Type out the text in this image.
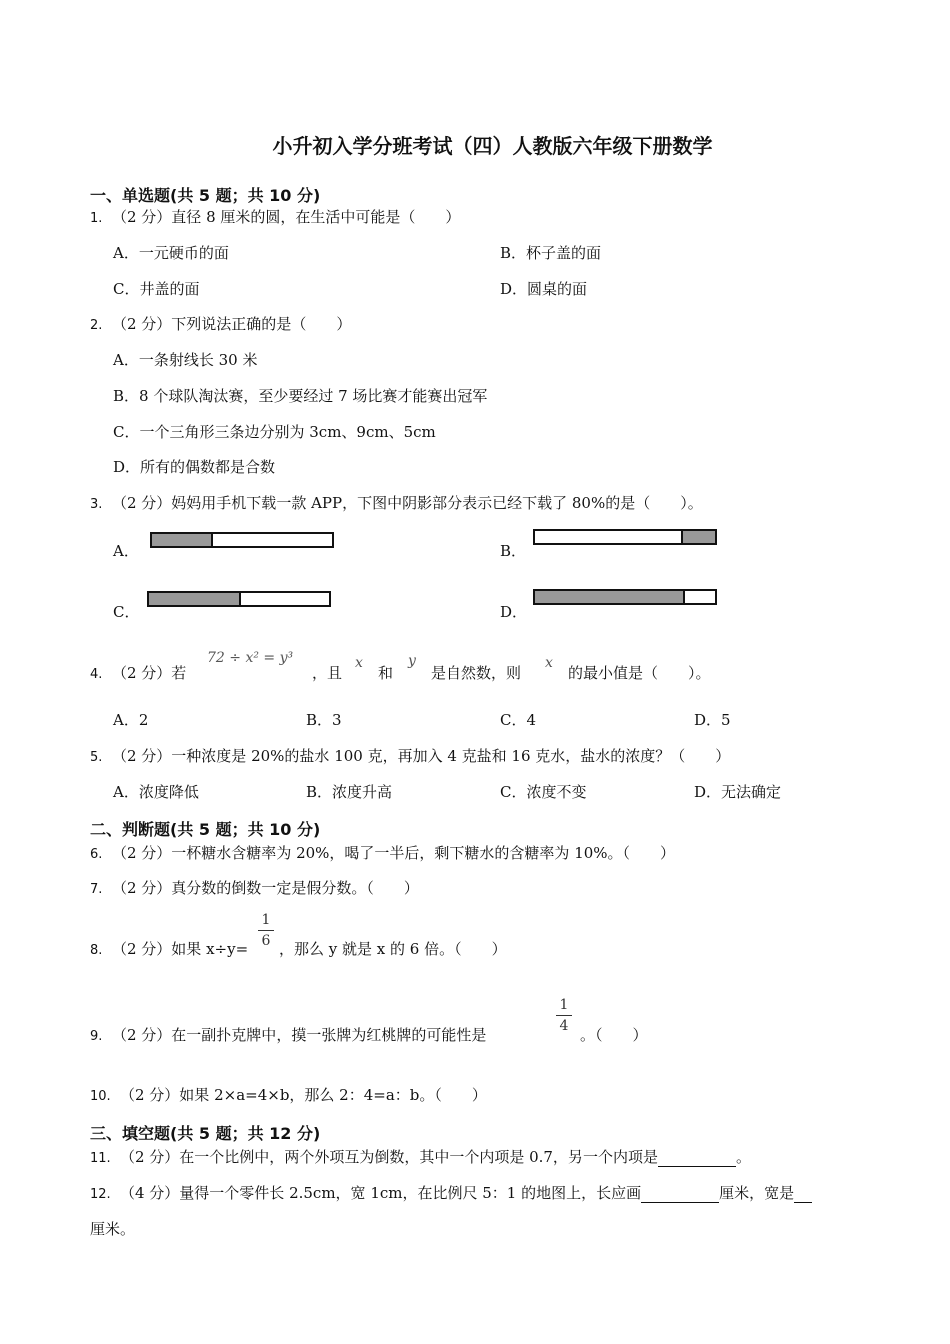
小升初入学分班考试（四）人教版六年级下册数学
一、单选题(共 5 题；共 10 分)
1. （2 分）直径 8 厘米的圆，在生活中可能是（　　）
A．一元硬币的面	B．杯子盖的面
C．井盖的面	D．圆桌的面
2. （2 分）下列说法正确的是（　　）
A．一条射线长 30 米
B．8 个球队淘汰赛，至少要经过 7 场比赛才能赛出冠军
C．一个三角形三条边分别为 3cm、9cm、5cm
D．所有的偶数都是合数
3. （2 分）妈妈用手机下载一款 APP，下图中阴影部分表示已经下载了 80%的是（　　）。
A．	B．
C．	D．
4. （2 分）若
72 ÷ x² = y³
，且
x
和
y
是自然数，则
x
的最小值是（　　）。
A．2	B．3	C．4	D．5
5. （2 分）一种浓度是 20%的盐水 100 克，再加入 4 克盐和 16 克水，盐水的浓度？（　　）
A．浓度降低	B．浓度升高	C．浓度不变	D．无法确定
二、判断题(共 5 题；共 10 分)
6. （2 分）一杯糖水含糖率为 20%，喝了一半后，剩下糖水的含糖率为 10%。（　　）
7. （2 分）真分数的倒数一定是假分数。（　　）
8. （2 分）如果 x÷y=
1
6 ，那么 y 就是 x 的 6 倍。（　　）
9. （2 分）在一副扑克牌中，摸一张牌为红桃牌的可能性是
1
4 。（　　）
10. （2 分）如果 2×a=4×b，那么 2：4=a：b。（　　）
三、填空题(共 5 题；共 12 分)
11. （2 分）在一个比例中，两个外项互为倒数，其中一个内项是 0.7，另一个内项是	。
12. （4 分）量得一个零件长 2.5cm，宽 1cm，在比例尺 5：1 的地图上，长应画	厘米，宽是
厘米。
